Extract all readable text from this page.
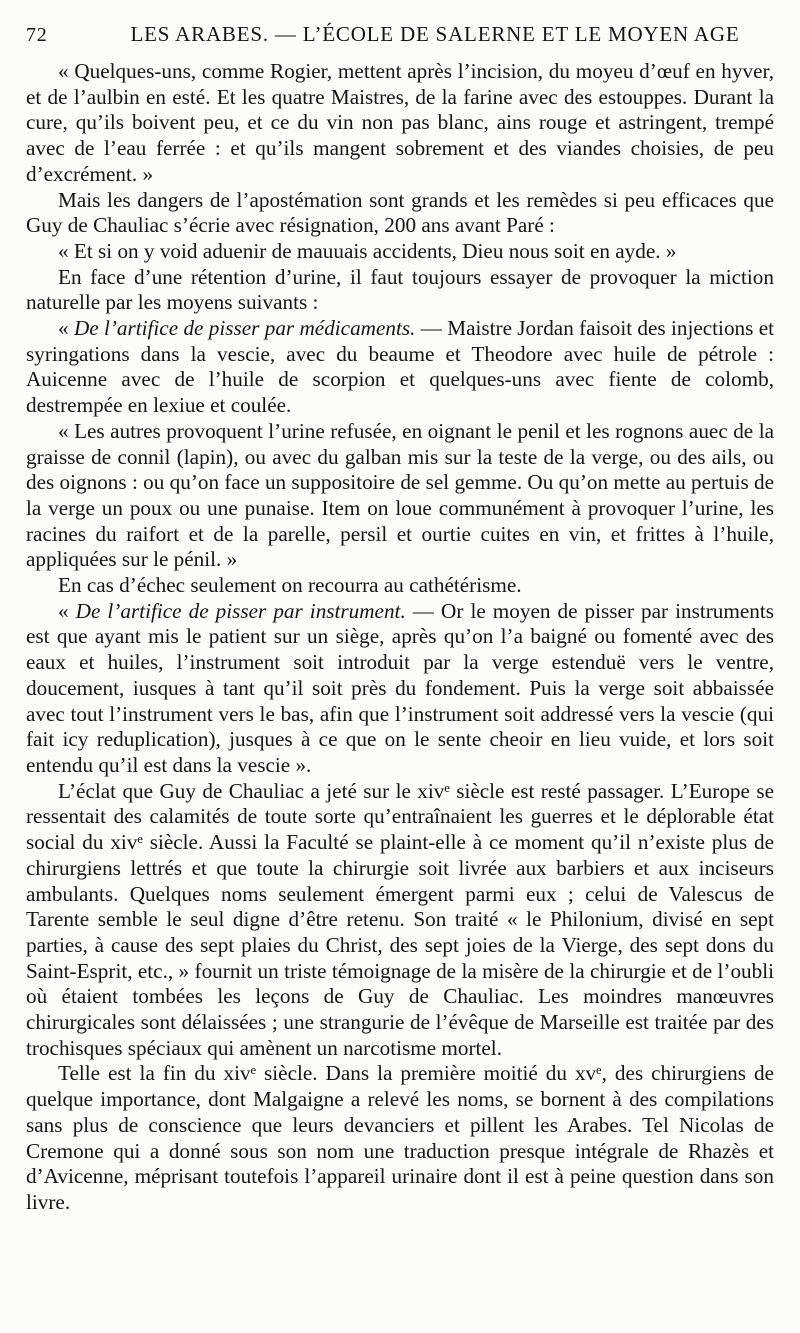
72	LES ARABES. — L’ÉCOLE DE SALERNE ET LE MOYEN AGE

« Quelques-uns, comme Rogier, mettent après l’incision, du moyeu d’œuf en hyver, et de l’aulbin en esté. Et les quatre Maistres, de la farine avec des estouppes. Durant la cure, qu’ils boivent peu, et ce du vin non pas blanc, ains rouge et astringent, trempé avec de l’eau ferrée : et qu’ils mangent sobrement et des viandes choisies, de peu d’excrément. »

Mais les dangers de l’apostémation sont grands et les remèdes si peu efficaces que Guy de Chauliac s’écrie avec résignation, 200 ans avant Paré :

« Et si on y void aduenir de mauuais accidents, Dieu nous soit en ayde. »

En face d’une rétention d’urine, il faut toujours essayer de provoquer la miction naturelle par les moyens suivants :

« De l’artifice de pisser par médicaments. — Maistre Jordan faisoit des injections et syringations dans la vescie, avec du beaume et Theodore avec huile de pétrole : Auicenne avec de l’huile de scorpion et quelques-uns avec fiente de colomb, destrempée en lexiue et coulée.

« Les autres provoquent l’urine refusée, en oignant le penil et les rognons auec de la graisse de connil (lapin), ou avec du galban mis sur la teste de la verge, ou des ails, ou des oignons : ou qu’on face un suppositoire de sel gemme. Ou qu’on mette au pertuis de la verge un poux ou une punaise. Item on loue communément à provoquer l’urine, les racines du raifort et de la parelle, persil et ourtie cuites en vin, et frittes à l’huile, appliquées sur le pénil. »

En cas d’échec seulement on recourra au cathétérisme.

« De l’artifice de pisser par instrument. — Or le moyen de pisser par instruments est que ayant mis le patient sur un siège, après qu’on l’a baigné ou fomenté avec des eaux et huiles, l’instrument soit introduit par la verge estenduë vers le ventre, doucement, iusques à tant qu’il soit près du fondement. Puis la verge soit abbaissée avec tout l’instrument vers le bas, afin que l’instrument soit addressé vers la vescie (qui fait icy reduplication), jusques à ce que on le sente cheoir en lieu vuide, et lors soit entendu qu’il est dans la vescie ».

L’éclat que Guy de Chauliac a jeté sur le xivᵉ siècle est resté passager. L’Europe se ressentait des calamités de toute sorte qu’entraînaient les guerres et le déplorable état social du xivᵉ siècle. Aussi la Faculté se plaint-elle à ce moment qu’il n’existe plus de chirurgiens lettrés et que toute la chirurgie soit livrée aux barbiers et aux inciseurs ambulants. Quelques noms seulement émergent parmi eux ; celui de Valescus de Tarente semble le seul digne d’être retenu. Son traité « le Philonium, divisé en sept parties, à cause des sept plaies du Christ, des sept joies de la Vierge, des sept dons du Saint-Esprit, etc., » fournit un triste témoignage de la misère de la chirurgie et de l’oubli où étaient tombées les leçons de Guy de Chauliac. Les moindres manœuvres chirurgicales sont délaissées ; une strangurie de l’évêque de Marseille est traitée par des trochisques spéciaux qui amènent un narcotisme mortel.

Telle est la fin du xivᵉ siècle. Dans la première moitié du xvᵉ, des chirurgiens de quelque importance, dont Malgaigne a relevé les noms, se bornent à des compilations sans plus de conscience que leurs devanciers et pillent les Arabes. Tel Nicolas de Cremone qui a donné sous son nom une traduction presque intégrale de Rhazès et d’Avicenne, méprisant toutefois l’appareil urinaire dont il est à peine question dans son livre.
